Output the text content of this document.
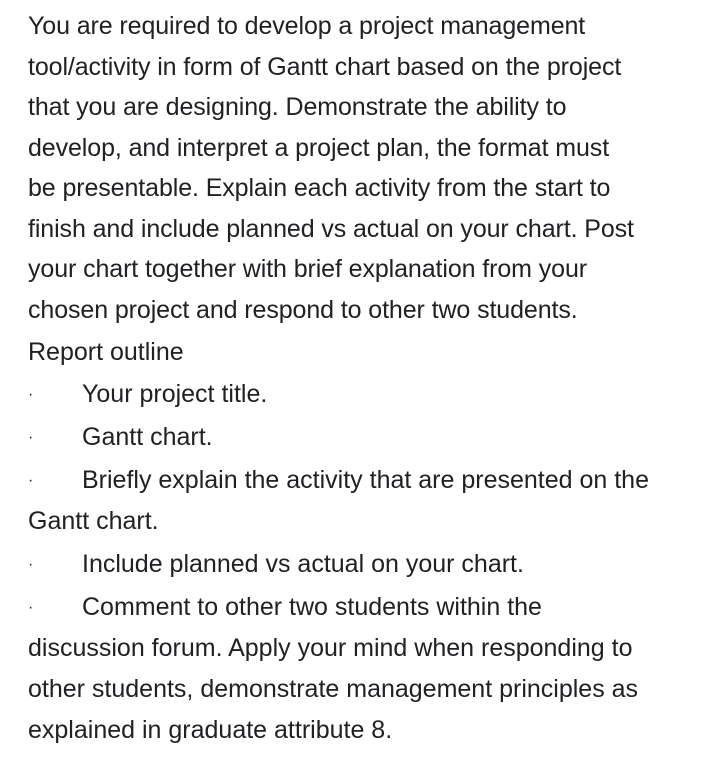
You are required to develop a project management

tool/activity in form of Gantt chart based on the project

that you are designing. Demonstrate the ability to

develop, and interpret a project plan, the format must

be presentable. Explain each activity from the start to

finish and include planned vs actual on your chart. Post

your chart together with brief explanation from your

chosen project and respond to other two students.

Report outline

·	Your project title.
·	Gantt chart.
·	Briefly explain the activity that are presented on the
Gantt chart.
·	Include planned vs actual on your chart.
·	Comment to other two students within the
discussion forum. Apply your mind when responding to
other students, demonstrate management principles as
explained in graduate attribute 8.
